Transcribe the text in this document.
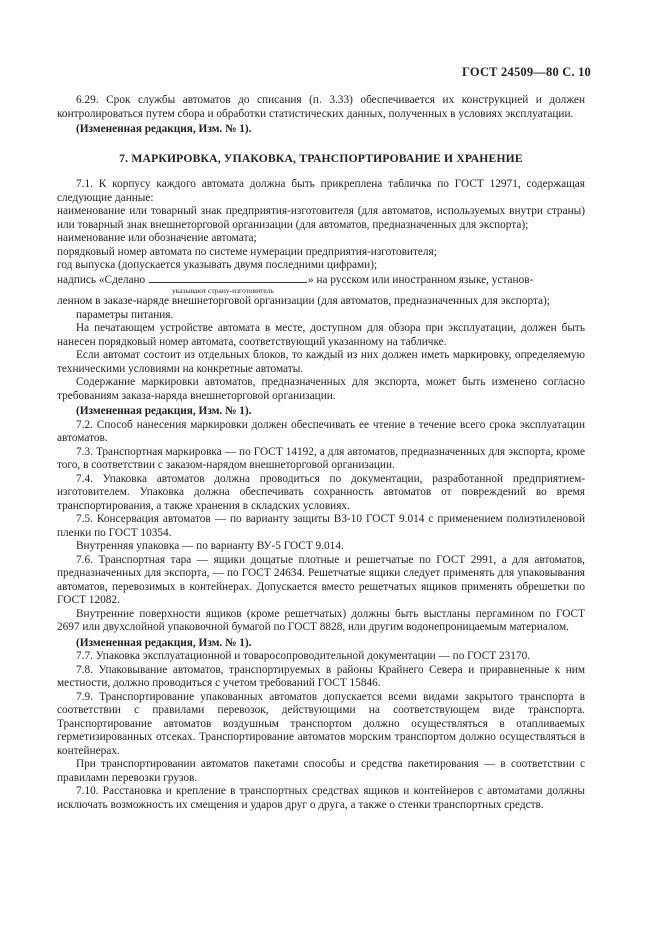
ГОСТ 24509—80 С. 10

6.29. Срок службы автоматов до списания (п. 3.33) обеспечивается их конструкцией и должен контролироваться путем сбора и обработки статистических данных, полученных в условиях эксплуатации.

(Измененная редакция, Изм. № 1).

7. МАРКИРОВКА, УПАКОВКА, ТРАНСПОРТИРОВАНИЕ И ХРАНЕНИЕ

7.1. К корпусу каждого автомата должна быть прикреплена табличка по ГОСТ 12971, содержащая следующие данные:

наименование или товарный знак предприятия-изготовителя (для автоматов, используемых внутри страны) или товарный знак внешнеторговой организации (для автоматов, предназначенных для экспорта);

наименование или обозначение автомата;

порядковый номер автомата по системе нумерации предприятия-изготовителя;

год выпуска (допускается указывать двумя последними цифрами);

надпись «Сделано	» на русском или иностранном языке, установ-

указывают страну-изготовитель

ленном в заказе-наряде внешнеторговой организации (для автоматов, предназначенных для экспорта);

параметры питания.

На печатающем устройстве автомата в месте, доступном для обзора при эксплуатации, должен быть нанесен порядковый номер автомата, соответствующий указанному на табличке.

Если автомат состоит из отдельных блоков, то каждый из них должен иметь маркировку, определяемую техническими условиями на конкретные автоматы.

Содержание маркировки автоматов, предназначенных для экспорта, может быть изменено согласно требованиям заказа-наряда внешнеторговой организации.

(Измененная редакция, Изм. № 1).

7.2. Способ нанесения маркировки должен обеспечивать ее чтение в течение всего срока эксплуатации автоматов.

7.3. Транспортная маркировка — по ГОСТ 14192, а для автоматов, предназначенных для экспорта, кроме того, в соответствии с заказом-нарядом внешнеторговой организации.

7.4. Упаковка автоматов должна проводиться по документации, разработанной предприятием-изготовителем. Упаковка должна обеспечивать сохранность автоматов от повреждений во время транспортирования, а также хранения в складских условиях.

7.5. Консервация автоматов — по варианту защиты ВЗ-10 ГОСТ 9.014 с применением полиэтиленовой пленки по ГОСТ 10354.

Внутренняя упаковка — по варианту ВУ-5 ГОСТ 9.014.

7.6. Транспортная тара — ящики дощатые плотные и решетчатые по ГОСТ 2991, а для автоматов, предназначенных для экспорта, — по ГОСТ 24634. Решетчатые ящики следует применять для упаковывания автоматов, перевозимых в контейнерах. Допускается вместо решетчатых ящиков применять обрешетки по ГОСТ 12082.

Внутренние поверхности ящиков (кроме решетчатых) должны быть выстланы пергамином по ГОСТ 2697 или двухслойной упаковочной бумагой по ГОСТ 8828, или другим водонепроницаемым материалом.

(Измененная редакция, Изм. № 1).

7.7. Упаковка эксплуатационной и товаросопроводительной документации — по ГОСТ 23170.

7.8. Упаковывание автоматов, транспортируемых в районы Крайнего Севера и приравненные к ним местности, должно проводиться с учетом требований ГОСТ 15846.

7.9. Транспортирование упакованных автоматов допускается всеми видами закрытого транспорта в соответствии с правилами перевозок, действующими на соответствующем виде транспорта. Транспортирование автоматов воздушным транспортом должно осуществляться в отапливаемых герметизированных отсеках. Транспортирование автоматов морским транспортом должно осуществляться в контейнерах.

При транспортировании автоматов пакетами способы и средства пакетирования — в соответствии с правилами перевозки грузов.

7.10. Расстановка и крепление в транспортных средствах ящиков и контейнеров с автоматами должны исключать возможность их смещения и ударов друг о друга, а также о стенки транспортных средств.
